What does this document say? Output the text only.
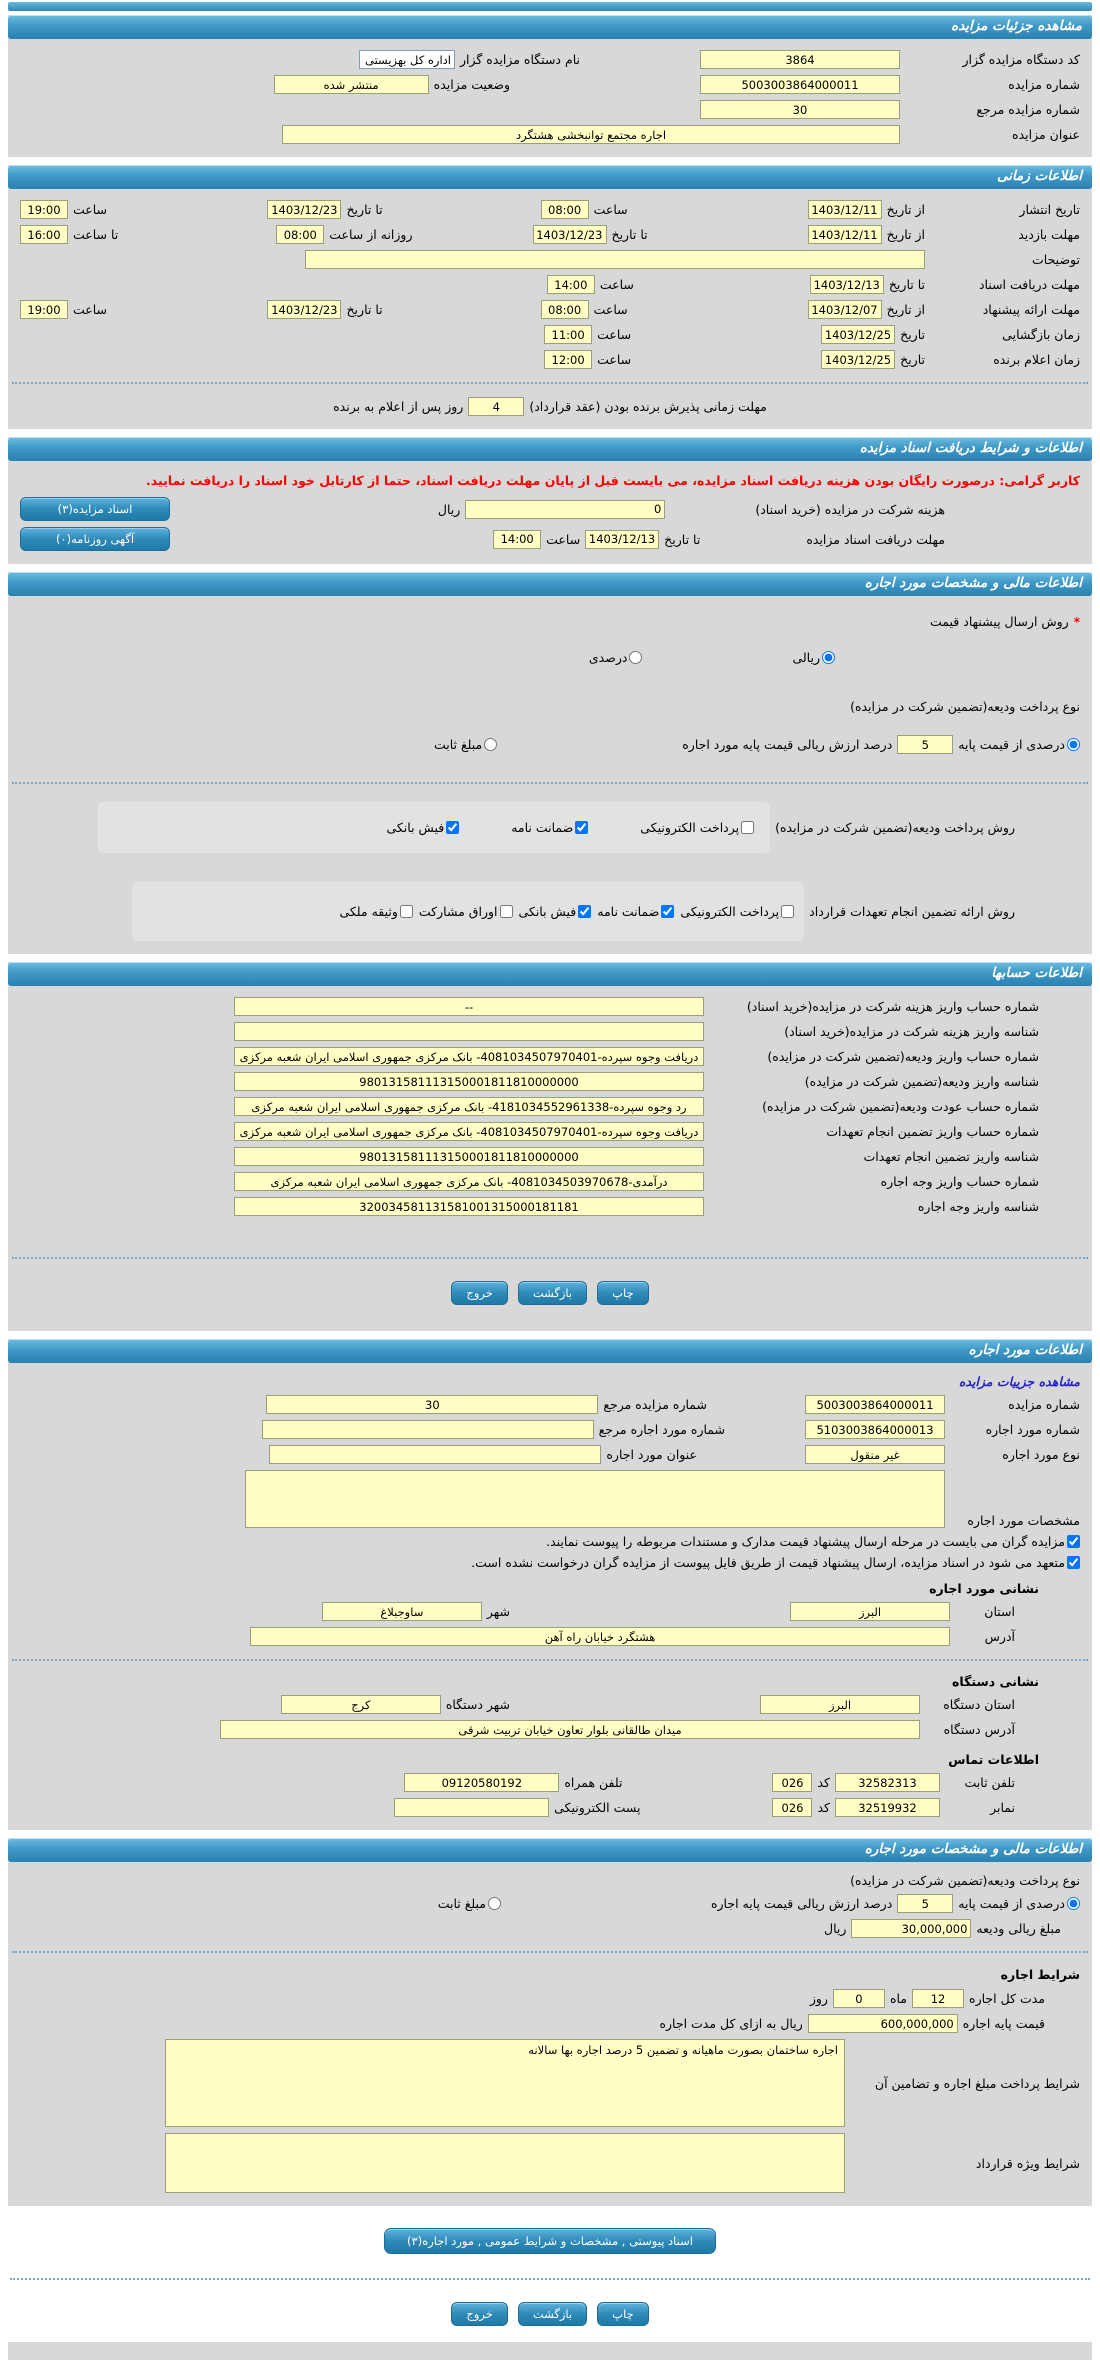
مشاهده جزئیات مزایده
کد دستگاه مزایده گزار
3864
نام دستگاه مزایده گزار
اداره کل بهزیستی استان البرز
شماره مزایده
5003003864000011
وضعیت مزایده
منتشر شده
شماره مزایده مرجع
30
عنوان مزایده
اجاره مجتمع توانبخشی هشتگرد
اطلاعات زمانی
تاریخ انتشار
از تاریخ
1403/12/11
ساعت
08:00
تا تاریخ
1403/12/23
ساعت
19:00
مهلت بازدید
از تاریخ
1403/12/11
تا تاریخ
1403/12/23
روزانه از ساعت
08:00
تا ساعت
16:00
توضیحات
مهلت دریافت اسناد
تا تاریخ
1403/12/13
ساعت
14:00
مهلت ارائه پیشنهاد
از تاریخ
1403/12/07
ساعت
08:00
تا تاریخ
1403/12/23
ساعت
19:00
زمان بازگشایی
تاریخ
1403/12/25
ساعت
11:00
زمان اعلام برنده
تاریخ
1403/12/25
ساعت
12:00
مهلت زمانی پذیرش برنده بودن (عقد قرارداد)
4
روز پس از اعلام به برنده
اطلاعات و شرایط دریافت اسناد مزایده
کاربر گرامی: درصورت رایگان بودن هزینه دریافت اسناد مزایده، می بایست قبل از پایان مهلت دریافت اسناد، حتما از کارتابل خود اسناد را دریافت نمایید.
هزینه شرکت در مزایده (خرید اسناد)
0
ریال
اسناد مزایده(۳)
مهلت دریافت اسناد مزایده
تا تاریخ
1403/12/13
ساعت
14:00
آگهی روزنامه(۰)
اطلاعات مالی و مشخصات مورد اجاره
*
روش ارسال پیشنهاد قیمت
ریالی
درصدی
نوع پرداخت ودیعه(تضمین شرکت در مزایده)
درصدی از قیمت پایه
5
درصد ارزش ریالی قیمت پایه مورد اجاره
مبلغ ثابت
روش پرداخت ودیعه(تضمین شرکت در مزایده)
پرداخت الکترونیکی
ضمانت نامه
فیش بانکی
روش ارائه تضمین انجام تعهدات قرارداد
پرداخت الکترونیکی
ضمانت نامه
فیش بانکی
اوراق مشارکت
وثیقه ملکی
اطلاعات حسابها
شماره حساب واریز هزینه شرکت در مزایده(خرید اسناد)
--
شناسه واریز هزینه شرکت در مزایده(خرید اسناد)
شماره حساب واریز ودیعه(تضمین شرکت در مزایده)
دریافت وجوه سپرده-4081034507970401- بانک مرکزی جمهوری اسلامی ایران شعبه مرکزی
شناسه واریز ودیعه(تضمین شرکت در مزایده)
980131581113150001811810000000
شماره حساب عودت ودیعه(تضمین شرکت در مزایده)
رد وجوه سپرده-4181034552961338- بانک مرکزی جمهوری اسلامی ایران شعبه مرکزی
شماره حساب واریز تضمین انجام تعهدات
دریافت وجوه سپرده-4081034507970401- بانک مرکزی جمهوری اسلامی ایران شعبه مرکزی
شناسه واریز تضمین انجام تعهدات
980131581113150001811810000000
شماره حساب واریز وجه اجاره
درآمدی-4081034503970678- بانک مرکزی جمهوری اسلامی ایران شعبه مرکزی
شناسه واریز وجه اجاره
320034581131581001315000181181
چاپ
بازگشت
خروج
اطلاعات مورد اجاره
مشاهده جزییات مزایده
شماره مزایده
5003003864000011
شماره مزایده مرجع
30
شماره مورد اجاره
5103003864000013
شماره مورد اجاره مرجع
نوع مورد اجاره
غیر منقول
عنوان مورد اجاره
مشخصات مورد اجاره
مزایده گران می بایست در مرحله ارسال پیشنهاد قیمت مدارک و مستندات مربوطه را پیوست نمایند.
متعهد می شود در اسناد مزایده، ارسال پیشنهاد قیمت از طریق فایل پیوست از مزایده گران درخواست نشده است.
نشانی مورد اجاره
استان
البرز
شهر
ساوجبلاغ
آدرس
هشتگرد خیابان راه آهن
نشانی دستگاه
استان دستگاه
البرز
شهر دستگاه
کرج
آدرس دستگاه
میدان طالقانی بلوار تعاون خیابان تربیت شرقی
اطلاعات تماس
تلفن ثابت
32582313
کد
026
تلفن همراه
09120580192
نمابر
32519932
کد
026
پست الکترونیکی
اطلاعات مالی و مشخصات مورد اجاره
نوع پرداخت ودیعه(تضمین شرکت در مزایده)
درصدی از قیمت پایه
5
درصد ارزش ریالی قیمت پایه اجاره
مبلغ ثابت
مبلغ ریالی ودیعه
30,000,000
ریال
شرایط اجاره
مدت کل اجاره
12
ماه
0
روز
قیمت پایه اجاره
600,000,000
ریال به ازای کل مدت اجاره
شرایط پرداخت مبلغ اجاره و تضامین آن
اجاره ساختمان بصورت ماهیانه و تضمین 5 درصد اجاره بها سالانه
شرایط ویژه قرارداد
اسناد پیوستی , مشخصات و شرایط عمومی , مورد اجاره(۳)
چاپ
بازگشت
خروج
